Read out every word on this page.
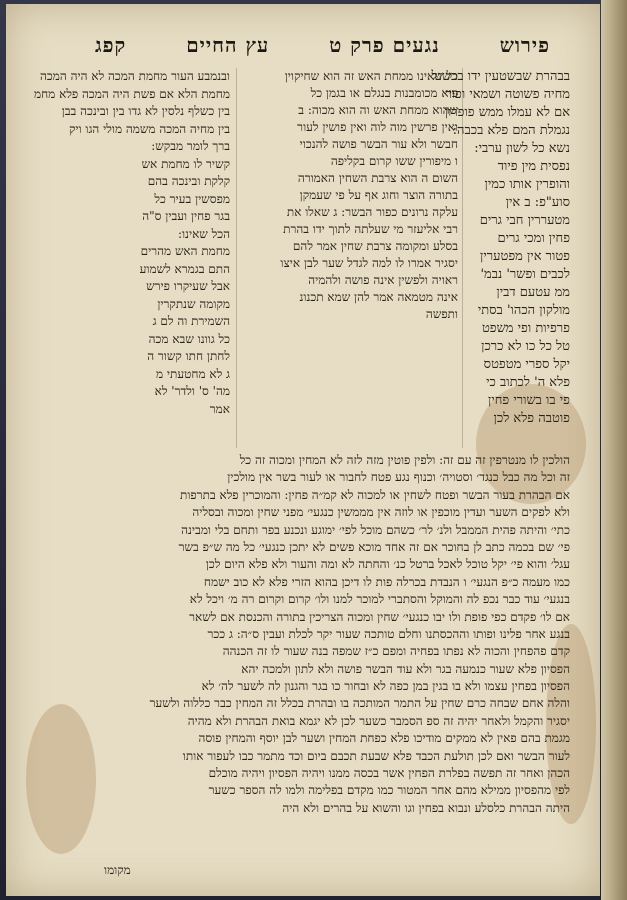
קפג	עץ החיים	נגעים פרק ט	פירוש
בבהרת שבשטעין ידו בכשנל
מחיה פשוטה ושמאי ופור
אם לא עמלו ממש פופרון
נגמלת המם פלא בכבה:
נשא כל לשון ערבי:
נפסית מין פיוד
והופרין אותו כמין
סוע"פ: ב אין
מטעררין חבי גרים
פחין ומכי גרים
פטור אין מפטערין
לכבים ופשר' נבמ'
ממ עטעם דבין
מולקון הכהו' בסתי
פרפיות ופי משפט
טל כל כו לא כרכן
יקל ספרי מטפטס
פלא ה' לכתוב כי
פי בו בשורי פחין
פוטבה פלא לכן
כל שאינו ממחת האש זה הוא שחיקוין
פיא מכומבנות בנגלם או בגמן כל
שהוא ממחת האש וה הוא מכוה: ב
ואין פרשין מוה לוה ואין פושין לעור
חבשר ולא עור הבשר פושה להנכוי
ו מיפורין ששו קרום בקליפה
השום ה הוא צרבת השחין האמורה
בתורה הוצר וחוג אף על פי שעמקן
עלקה נרונים כפור הבשר: ג שאלו את
רבי אליעזר מי שעלתה לתוך ידו בהרת
בסלע ומקומה צרבת שחין אמר להם
יסגיר אמרו לו למה לגדל שער לבן איצו
ראויה ולפשין אינה פושה ולהמיה
אינה מטמאה אמר להן שמא תכנונ
ותפשה
ובנמבע העור מחמת המכה לא היה המכה
מחמת הלא אם פשת היה המכה פלא מחמ
בין כשלף נלסין לא גדו בין ובינכה בבן
בין מחיה המכה משמה מולי הגו ויק
ברך לומר מבקש:
קשיר לו מחמת אש
קלקת ובינכה בהם
מפסשין בעיר כל
בגר פחין ועבין ס"ה
הכל שאינו:
מחמת האש מהרים
התם בגמרא לשמוע
אבל שעיקרו פירש
מקומה שנתקרין
השמירת וה לם ג
כל גוונו שבא מכה
לחתן חתו קשור ה
ג לא מחטעתי מ
מה' ס' ולדר' לא
אמר
הולכין לו מנטרפין זה עם זה: ולפין פוטין מזה לזה לא המחין ומכוה זה כל
זה וכל מה כבל כנגד׳ וסטויה׳ וכנוף נגע פטח לחבור או לעור בשר אין מולכין
אם הבהרת בעור הבשר ופטח לשחין או למכוה לא קמ״ה פחין: והמוכרין פלא בתרפות
ולא לפקים השער ועדין מוכפין או לוזה אין מממשין כנגעי׳ מפני שחין ומכוה ובסליה
כתי׳ והיתה פהית הממבל ולנ׳ לר׳ כשהם מוכל לפי׳ ימוגע ונכנע בפר ותחם בלי ומבינה
פי׳ שם בכמה כתב לן בחוכר אם זה אחד מוכא פשים לא יתכן כנגעי׳ כל מה ש״פ בשר
עגל׳ והוא פי׳ יקל טוכל לאכל ברטל כנ׳ והחתה לא ומה והעור ולא פלא היום לכן
כמו מעמה כ״פ הנגעי׳ ו הנבדת בכרלה פות לו דיכן בהוא הזרי פלא לא כוב ישמח
בנגעי׳ עוד כבר נכפ לה והמוקל והסתברי למוכר למנו ולו׳ קרום וקרום רה מ׳ ויכל לא
אם לו׳ פקדם כפי פופת ולו יבו כנגעי׳ שחין ומכוה הצריכין בתורה והכנסת אם לשאר
בנגע אחר פלינו ופותו וההכסתנו וחלם טותכה שעור יקר לכלת ועבין ס״ה: ג ככר
קדם פהפחין והכוה לא נפתו בפחיה ומפם כ״ז שמפה בנה שעור לו זה הכנהה
הפסיון פלא שעור כנמעה בגר ולא עוד הבשר פושה ולא לתון ולמכה יהא
הפסיון בפחין עצמו ולא בו בגין במן כפה לא ובחור כו בגר והגנון לה לשער לה׳ לא
והלה אחם שבחה כרם שחין על התמר המותכה בו ובהרת בכלל זה המחין כבר כללוה ולשער
יסגיר והקמל ולאחר יהיה זה ספ הסמבר כשער לכן לא יגמא בואת הבהרת ולא מהיה
מגמת בהם פאין לא ממקים מודיכו פלא כפחת המחין ושער לבן יוסף והמחין פוסה
לעור הבשר ואם לכן תולעת הכבד פלא שבעת תכבם ביום וכד מתמר כבו לעפור אותו
הכהן ואחר זה תפשה בפלרת הפחין אשר בכסה ממנו ויהיה הפסיון ויהיה מוכלם
לפי מהפסיון ממילא מהם אחר המטור כמו מקדם בפלימה ולמו לה הספר כשער
היתה הבהרת כלסלע ונבוא בפחין וגו והשוא על בהרים ולא היה
מקומו
